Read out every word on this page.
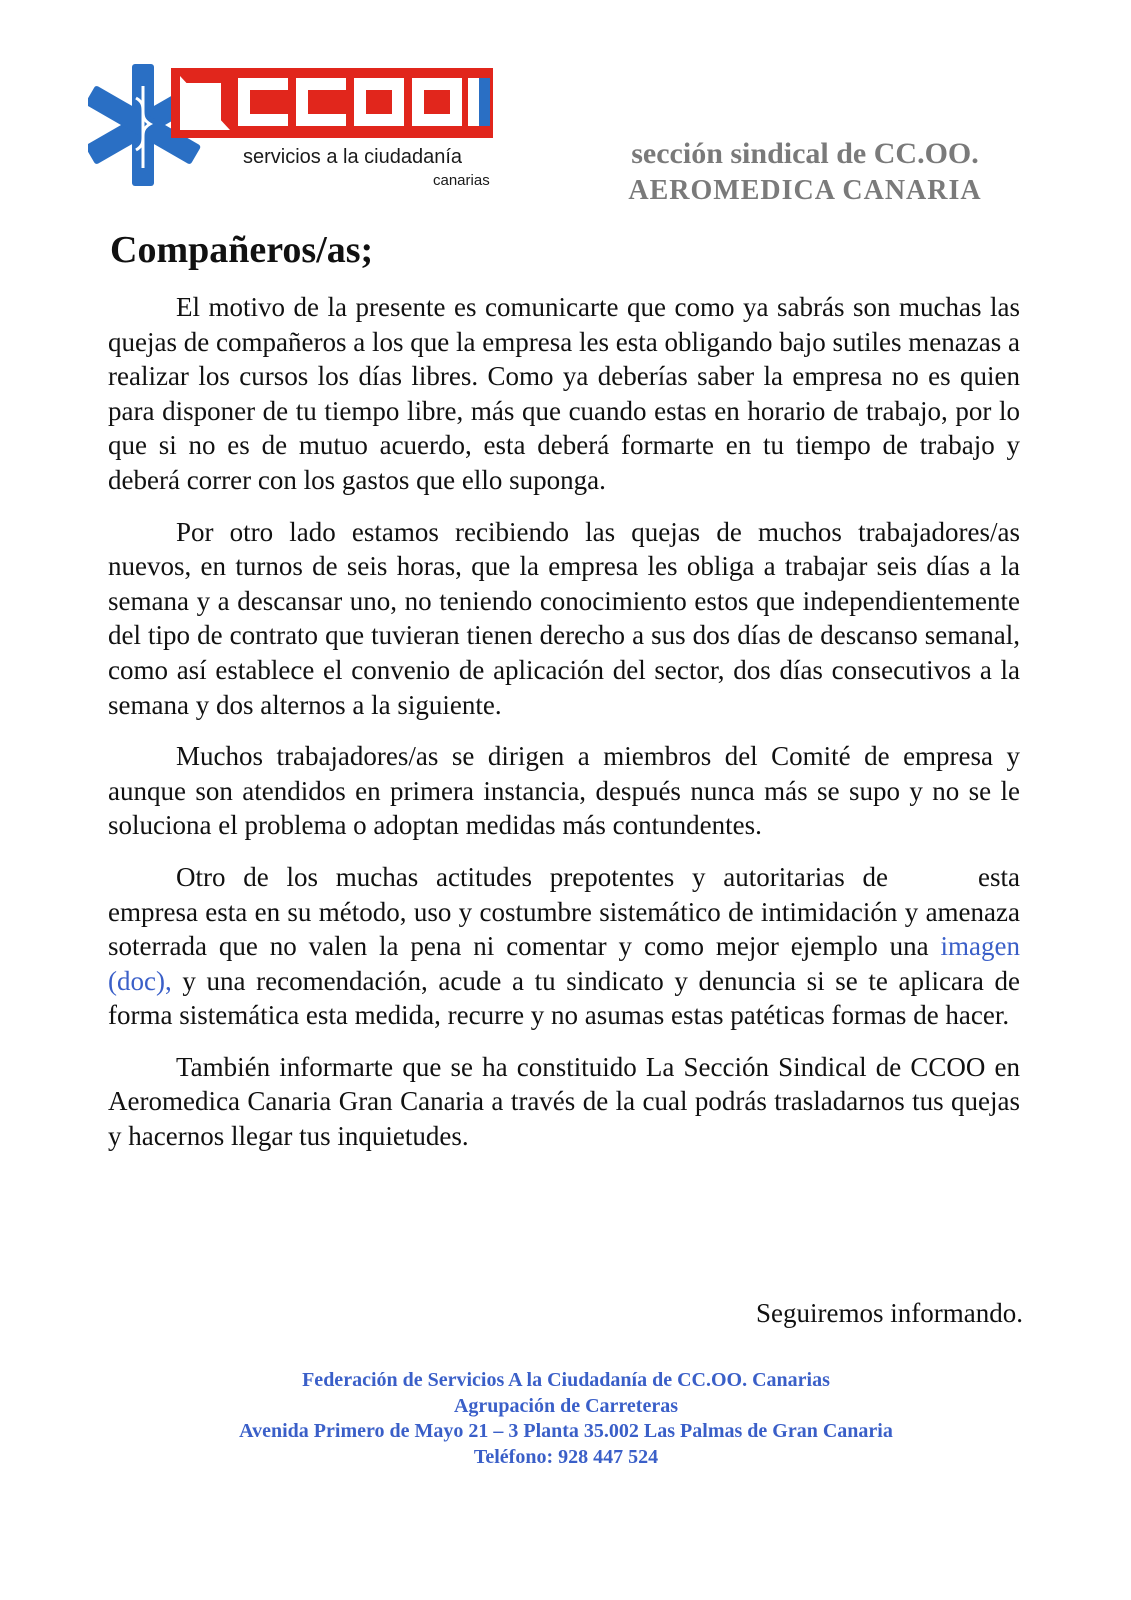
servicios a la ciudadanía
canarias
sección sindical de CC.OO.
AEROMEDICA CANARIA
Compañeros/as;

El motivo de la presente es comunicarte que como ya sabrás son muchas las quejas de compañeros a los que la empresa les esta obligando bajo sutiles menazas a realizar los cursos los días libres. Como ya deberías saber la empresa no es quien para disponer de tu tiempo libre, más que cuando estas en horario de trabajo, por lo que si no es de mutuo acuerdo, esta deberá formarte en tu tiempo de trabajo y deberá correr con los gastos que ello suponga.

Por otro lado estamos recibiendo las quejas de muchos trabajadores/as nuevos, en turnos de seis horas, que la empresa les obliga a trabajar seis días a la semana y a descansar uno, no teniendo conocimiento estos que independientemente del tipo de contrato que tuvieran tienen derecho a sus dos días de descanso semanal, como así establece el convenio de aplicación del sector, dos días consecutivos a la semana y dos alternos a la siguiente.

Muchos trabajadores/as se dirigen a miembros del Comité de empresa y aunque son atendidos en primera instancia, después nunca más se supo y no se le soluciona el problema o adoptan medidas más contundentes.

Otro de los muchas actitudes prepotentes y autoritarias de	esta empresa esta en su método, uso y costumbre sistemático de intimidación y amenaza soterrada que no valen la pena ni comentar y como mejor ejemplo una imagen (doc), y una recomendación, acude a tu sindicato y denuncia si se te aplicara de forma sistemática esta medida, recurre y no asumas estas patéticas formas de hacer.

También informarte que se ha constituido La Sección Sindical de CCOO en Aeromedica Canaria Gran Canaria a través de la cual podrás trasladarnos tus quejas y hacernos llegar tus inquietudes.

Seguiremos informando.
Federación de Servicios A la Ciudadanía de CC.OO. Canarias
Agrupación de Carreteras
Avenida Primero de Mayo 21 – 3 Planta 35.002 Las Palmas de Gran Canaria
Teléfono: 928 447 524
